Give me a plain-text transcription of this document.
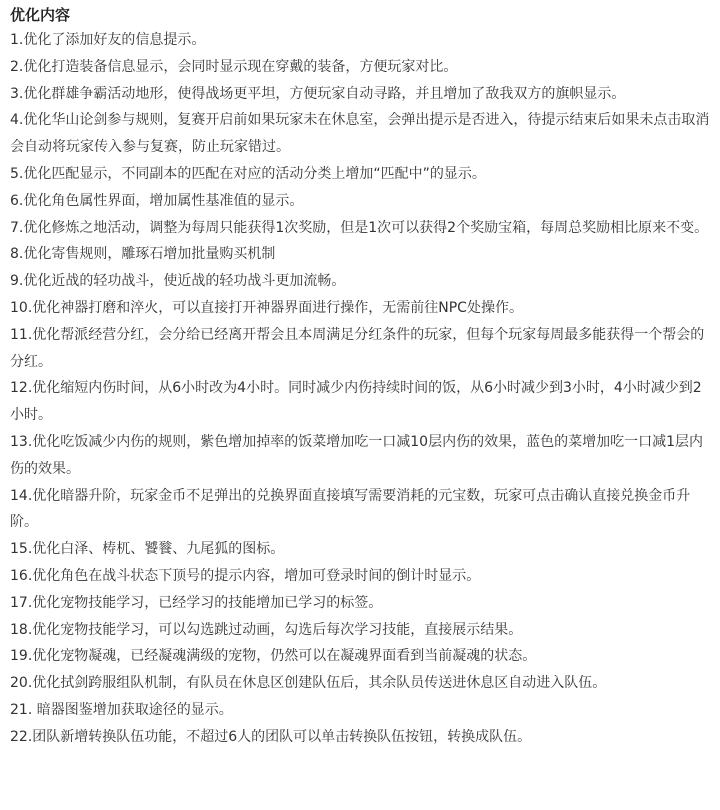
优化内容
1.优化了添加好友的信息提示。
2.优化打造装备信息显示，会同时显示现在穿戴的装备，方便玩家对比。
3.优化群雄争霸活动地形，使得战场更平坦，方便玩家自动寻路，并且增加了敌我双方的旗帜显示。
4.优化华山论剑参与规则，复赛开启前如果玩家未在休息室，会弹出提示是否进入，待提示结束后如果未点击取消会自动将玩家传入参与复赛，防止玩家错过。
5.优化匹配显示，不同副本的匹配在对应的活动分类上增加“匹配中”的显示。
6.优化角色属性界面，增加属性基准值的显示。
7.优化修炼之地活动，调整为每周只能获得1次奖励，但是1次可以获得2个奖励宝箱，每周总奖励相比原来不变。
8.优化寄售规则，雕琢石增加批量购买机制
9.优化近战的轻功战斗，使近战的轻功战斗更加流畅。
10.优化神器打磨和淬火，可以直接打开神器界面进行操作，无需前往NPC处操作。
11.优化帮派经营分红，会分给已经离开帮会且本周满足分红条件的玩家，但每个玩家每周最多能获得一个帮会的分红。
12.优化缩短内伤时间，从6小时改为4小时。同时减少内伤持续时间的饭，从6小时减少到3小时，4小时减少到2小时。
13.优化吃饭减少内伤的规则，紫色增加掉率的饭菜增加吃一口减10层内伤的效果，蓝色的菜增加吃一口减1层内伤的效果。
14.优化暗器升阶，玩家金币不足弹出的兑换界面直接填写需要消耗的元宝数，玩家可点击确认直接兑换金币升阶。
15.优化白泽、梼杌、饕餮、九尾狐的图标。
16.优化角色在战斗状态下顶号的提示内容，增加可登录时间的倒计时显示。
17.优化宠物技能学习，已经学习的技能增加已学习的标签。
18.优化宠物技能学习，可以勾选跳过动画，勾选后每次学习技能，直接展示结果。
19.优化宠物凝魂，已经凝魂满级的宠物，仍然可以在凝魂界面看到当前凝魂的状态。
20.优化拭剑跨服组队机制，有队员在休息区创建队伍后，其余队员传送进休息区自动进入队伍。
21. 暗器图鉴增加获取途径的显示。
22.团队新增转换队伍功能，不超过6人的团队可以单击转换队伍按钮，转换成队伍。
